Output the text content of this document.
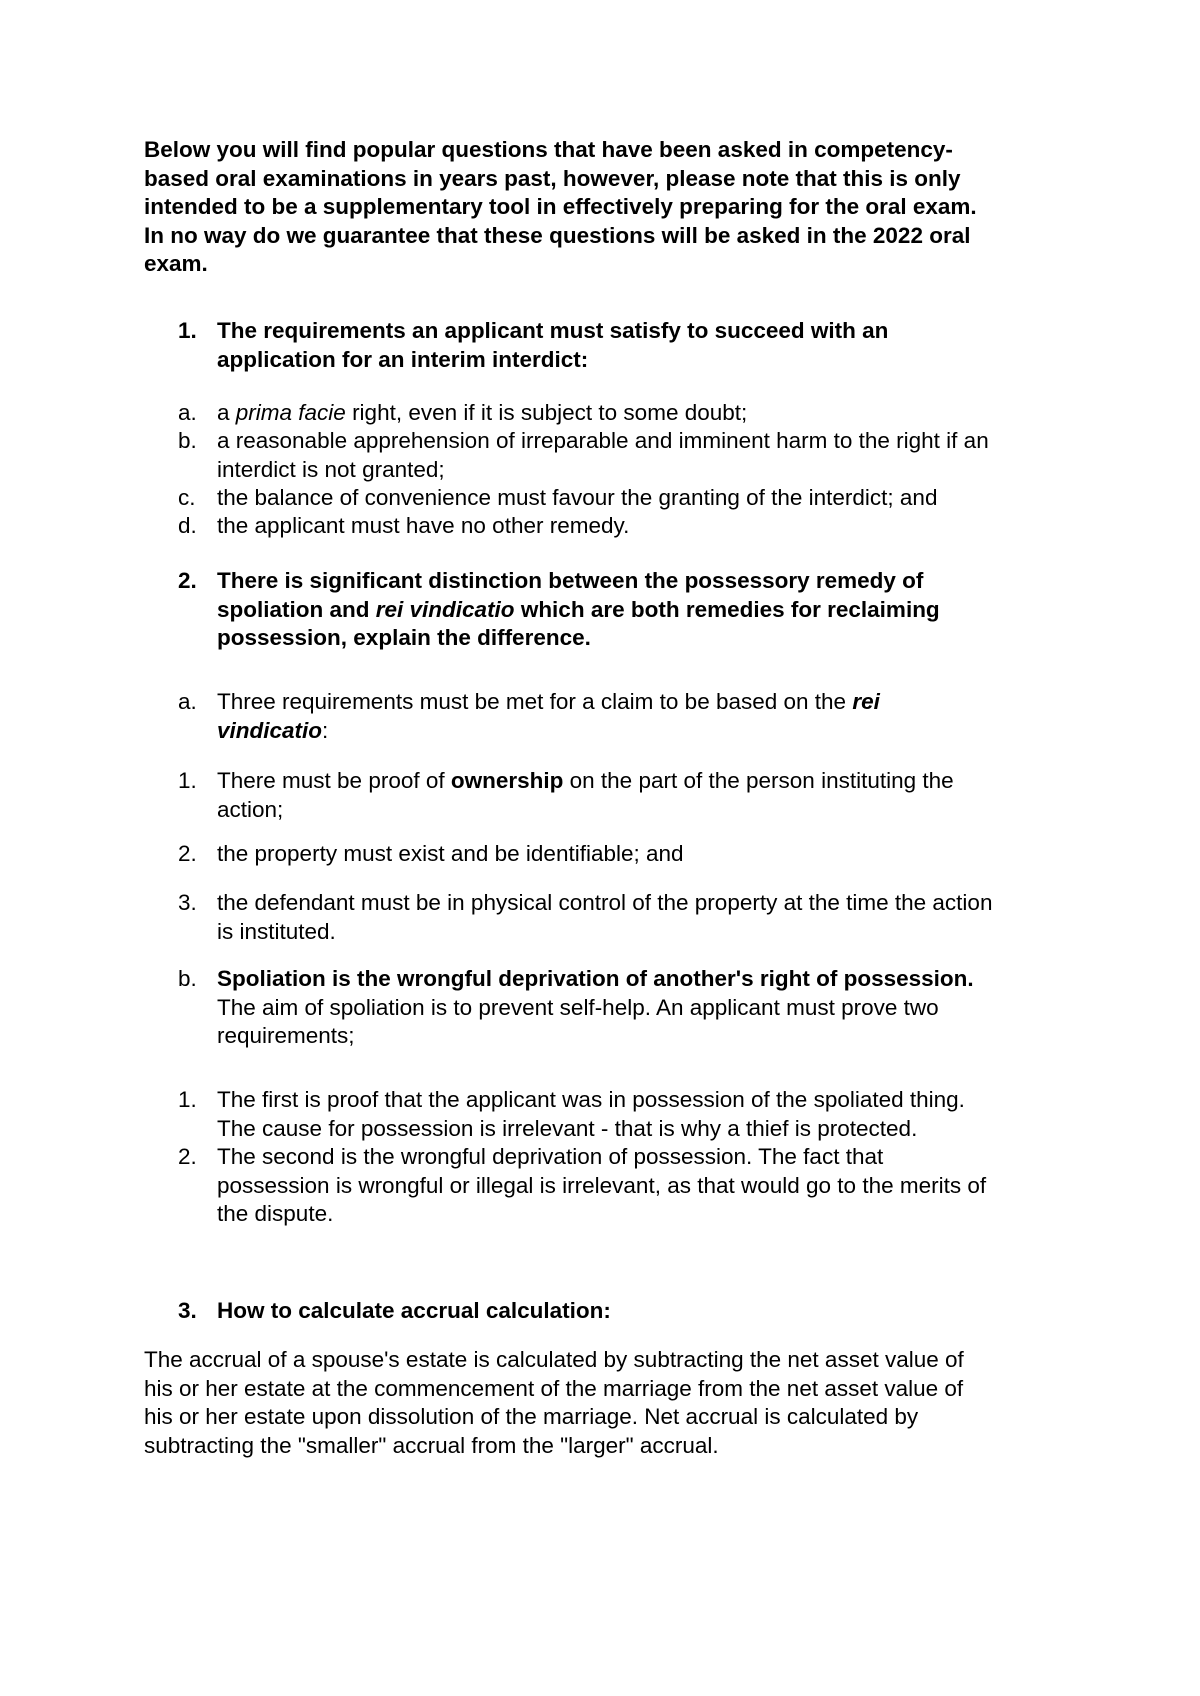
Below you will find popular questions that have been asked in competency-
based oral examinations in years past, however, please note that this is only
intended to be a supplementary tool in effectively preparing for the oral exam.
In no way do we guarantee that these questions will be asked in the 2022 oral
exam.
1. The requirements an applicant must satisfy to succeed with an
application for an interim interdict:
a. a prima facie right, even if it is subject to some doubt;
b. a reasonable apprehension of irreparable and imminent harm to the right if an
interdict is not granted;
c. the balance of convenience must favour the granting of the interdict; and
d. the applicant must have no other remedy.
2. There is significant distinction between the possessory remedy of
spoliation and rei vindicatio which are both remedies for reclaiming
possession, explain the difference.
a. Three requirements must be met for a claim to be based on the rei
vindicatio:
1. There must be proof of ownership on the part of the person instituting the
action;
2. the property must exist and be identifiable; and
3. the defendant must be in physical control of the property at the time the action
is instituted.
b. Spoliation is the wrongful deprivation of another's right of possession.
The aim of spoliation is to prevent self-help. An applicant must prove two
requirements;
1. The first is proof that the applicant was in possession of the spoliated thing.
The cause for possession is irrelevant - that is why a thief is protected.
2. The second is the wrongful deprivation of possession. The fact that
possession is wrongful or illegal is irrelevant, as that would go to the merits of
the dispute.
3. How to calculate accrual calculation:
The accrual of a spouse's estate is calculated by subtracting the net asset value of
his or her estate at the commencement of the marriage from the net asset value of
his or her estate upon dissolution of the marriage. Net accrual is calculated by
subtracting the "smaller" accrual from the "larger" accrual.
